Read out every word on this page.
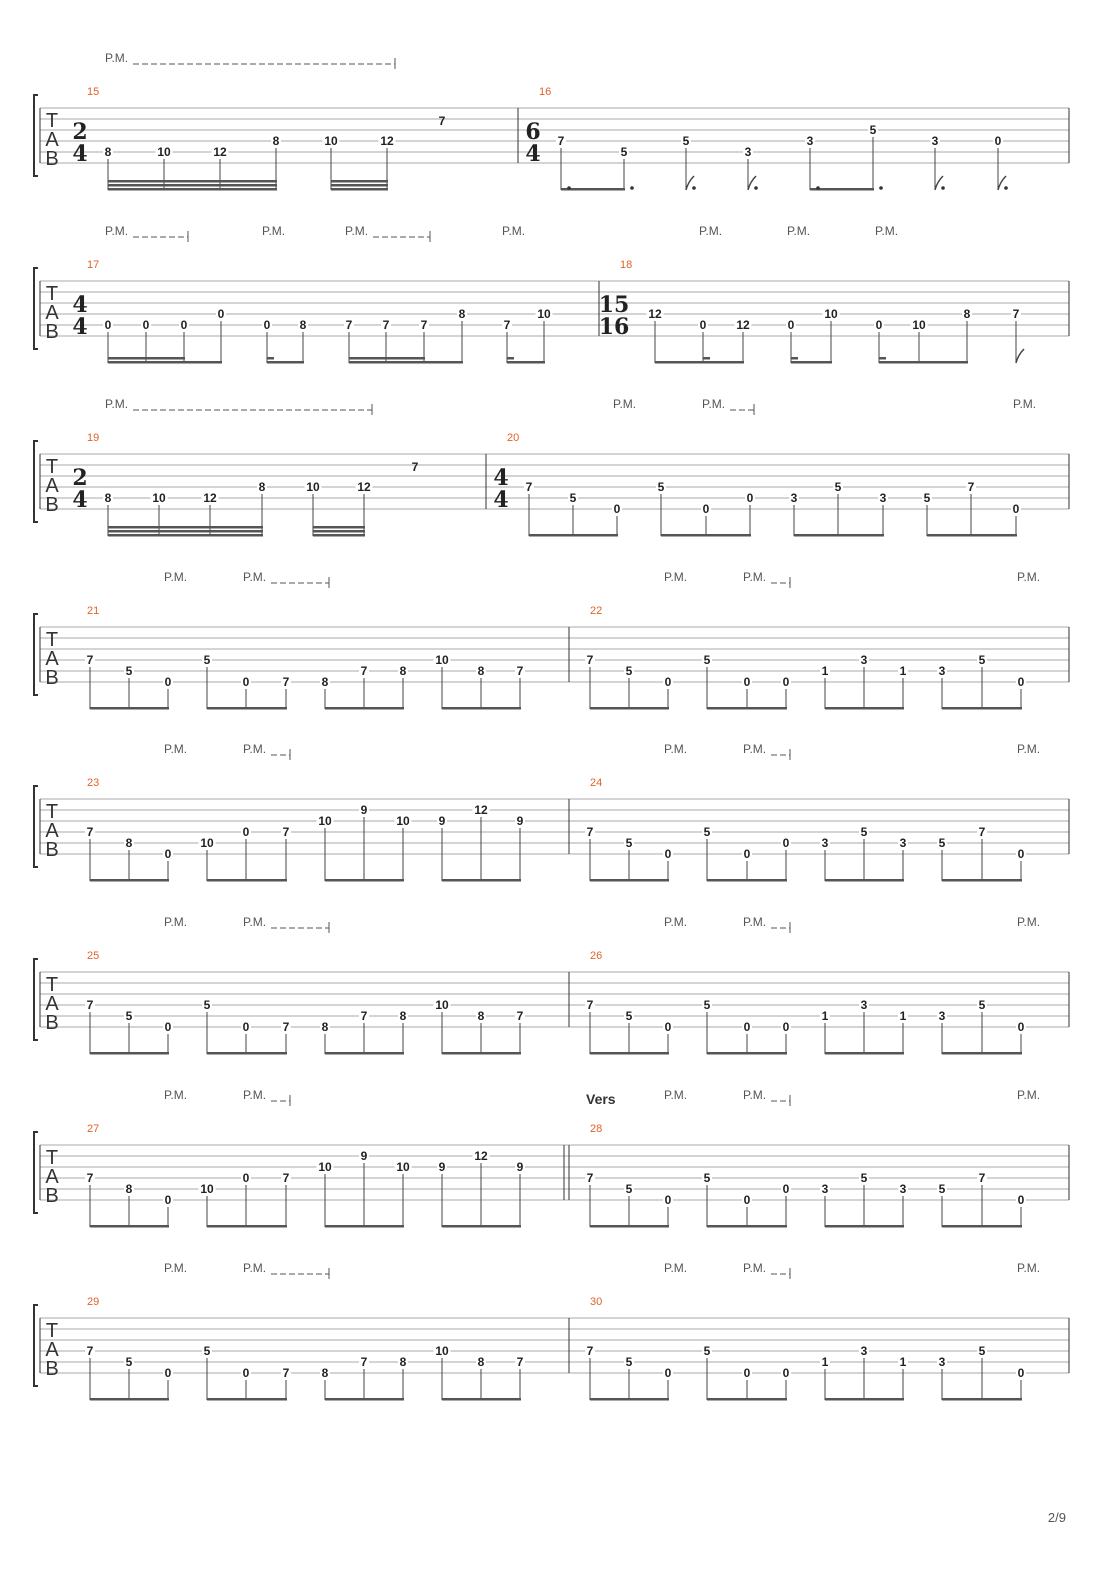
P.M.
T
A
B
15
2
4 8	10	12
8	10	12
7
16
6
4 7
5
5
3
3
5
3	0
P.M.	P.M.	P.M.	P.M.	P.M.	P.M.	P.M.
T
A
B
17
4
4 0	0	0
0
0 8	7	7	7
8
7
10
18
15
16 12
0 12	0
10
0 10
8	7
P.M.	P.M.	P.M.	P.M.
T
A
B
19
2
4 8	10	12
8	10	12
7
20
4
4 7
5
0
5
0
0	3
5
3	5
7
0
P.M.	P.M.	P.M.	P.M.	P.M.
T
A
B
21
7
5
0
5
0	7	8
7	8
10
8	7
22
7
5
0
5
0	0
1
3
1	3
5
0
P.M.	P.M.	P.M.	P.M.	P.M.
T
A
B
23
7
8
0
10
0	7
10
9
10 9
12
9
24
7
5
0
5
0
0	3
5
3	5
7
0
P.M.	P.M.	P.M.	P.M.	P.M.
T
A
B
25
7
5
0
5
0	7	8
7	8
10
8	7
26
7
5
0
5
0	0
1
3
1	3
5
0
P.M.	P.M.	P.M.	P.M.	P.M.
Vers
T
A
B
27
7
8
0
10
0	7
10
9
10 9
12
9
28
7
5
0
5
0
0	3
5
3	5
7
0
P.M.	P.M.	P.M.	P.M.	P.M.
T
A
B
29
7
5
0
5
0	7	8
7	8
10
8	7
30
7
5
0
5
0	0
1
3
1	3
5
0
2/9
